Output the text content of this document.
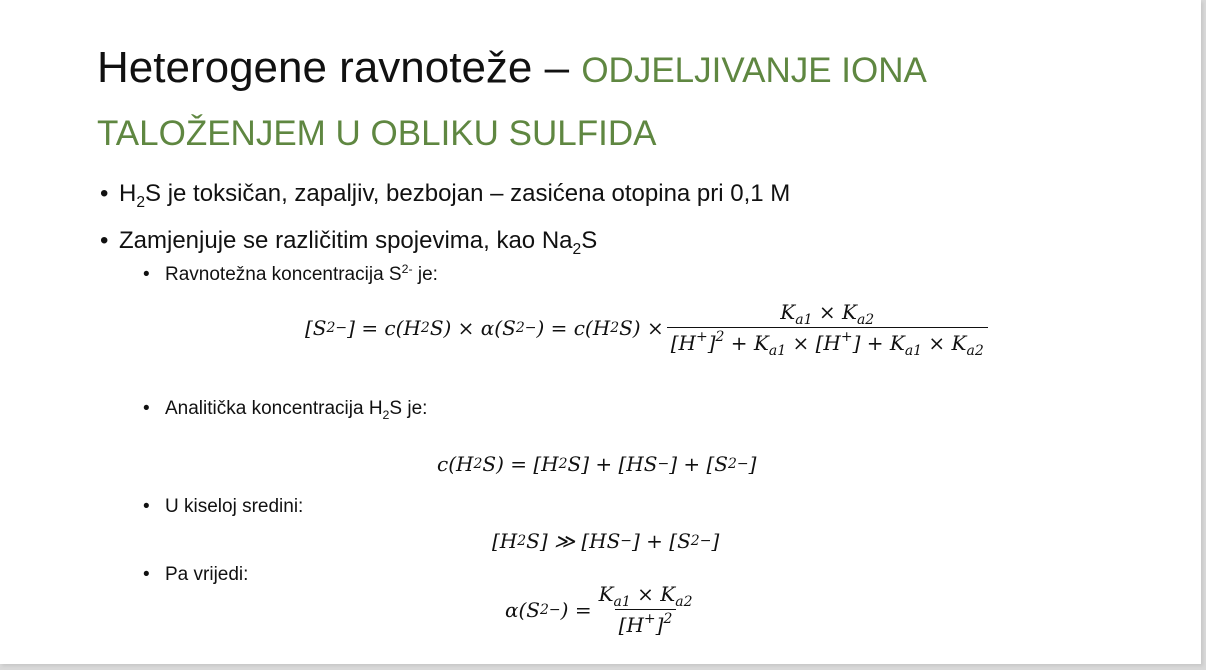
Heterogene ravnoteže – ODJELJIVANJE IONA TALOŽENJEM U OBLIKU SULFIDA
• $H_2S$ je toksičan, zapaljiv, bezbojan – zasićena otopina pri 0,1 M
• Zamjenjuje se različitim spojevima, kao $Na_2S$
• Ravnotežna koncentracija $S^{2-}$ je:
[S 2− ] = c(H 2 S) × α(S 2− ) = c(H 2 $S) \times \frac{K_{a1} \times K_{a2}}{[H^+]^2 + K_{a1} \times [H^+] + K_{a1} \times K_{a2}}$
• Analitička koncentracija $H_2S$ je:
c(H 2 S) = [H 2 S] + [HS − ] + [S 2− ]
• U kiseloj sredini:
[H 2 S] ≫ [HS − ] + [S 2− ]
• Pa vrijedi:
α(S 2− ) = $\frac{K_{a1} \times K_{a2}}{[H^+]^2}$
